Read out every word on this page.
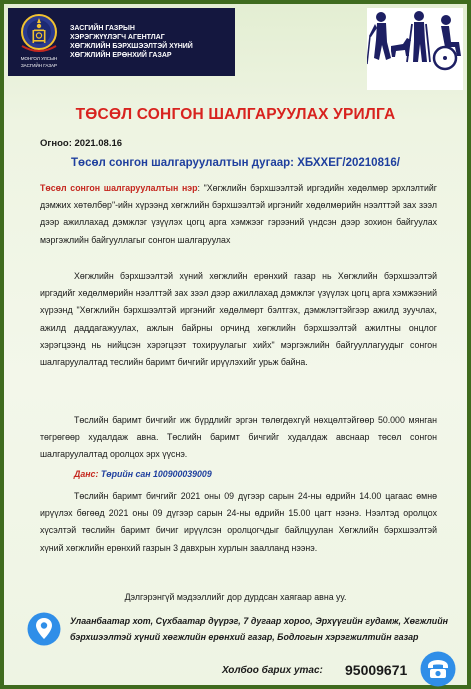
МОНГОЛ УЛСЫН
ЗАСГИЙН ГАЗАР
ЗАСГИЙН ГАЗРЫН
ХЭРЭГЖҮҮЛЭГЧ АГЕНТЛАГ
ХӨГЖЛИЙН БЭРХШЭЭЛТЭЙ ХҮНИЙ
ХӨГЖЛИЙН ЕРӨНХИЙ ГАЗАР
ТӨСӨЛ СОНГОН ШАЛГАРУУЛАХ УРИЛГА
Огноо: 2021.08.16
Төсөл сонгон шалгаруулалтын дугаар: ХБХХЕГ/20210816/
Төсөл сонгон шалгаруулалтын нэр: "Хөгжлийн бэрхшээлтэй иргэдийн хөдөлмөр эрхлэлтийг дэмжих хөтөлбөр"-ийн хүрээнд хөгжлийн бэрхшээлтэй иргэнийг хөдөлмөрийн нээлттэй зах зээл дээр ажиллахад дэмжлэг үзүүлэх цогц арга хэмжээг гэрээний үндсэн дээр зохион байгуулах мэргэжлийн байгууллагыг сонгон шалгаруулах
Хөгжлийн бэрхшээлтэй хүний хөгжлийн ерөнхий газар нь Хөгжлийн бэрхшээлтэй иргэдийг хөдөлмөрийн нээлттэй зах зээл дээр ажиллахад дэмжлэг үзүүлэх цогц арга хэмжээний хүрээнд "Хөгжлийн бэрхшээлтэй иргэнийг хөдөлмөрт бэлтгэх, дэмжлэгтэйгээр ажилд зуучлах, ажилд даддагажуулах, ажлын байрны орчинд хөгжлийн бэрхшээлтэй ажилтны онцлог хэрэгцээнд нь нийцсэн хэрэгцээт тохируулагыг хийх" мэргэжлийн байгууллагуудыг сонгон шалгаруулалтад тeслийн баримт бичгийг ирүүлэхийг урьж байна.
Төслийн баримт бичгийг иж бүрдлийг эргэн төлөгдөхгүй нөхцөлтэйгөөр 50.000 мянган төгрөгөөр худалдаж авна. Төслийн баримт бичгийг худалдаж авснаар төсөл сонгон шалгаруулалтад оролцох эрх үүснэ.
Данс: Төрийн сан 100900039009
Төслийн баримт бичгийг 2021 оны 09 дүгээр сарын 24-ны өдрийн 14.00 цагаас өмнө ирүүлэх бөгөөд 2021 оны 09 дүгээр сарын 24-ны өдрийн 15.00 цагт нээнэ. Нээлтэд оролцох хүсэлтэй төслийн баримт бичиг ирүүлсэн оролцогчдыг байлцуулан Хөгжлийн бэрхшээлтэй хүний хөгжлийн ерөнхий газрын 3 давхрын хурлын заалланд нээнэ.
Дэлгэрэнгүй мэдээллийг дор дурдсан хаягаар авна уу.
Улаанбаатар хот, Сүхбаатар дүүрэг, 7 дугаар хороо, Эрхүүгийн гудамж, Хөгжлийн бэрхшээлтэй хүний хөгжлийн ерөнхий газар, Бодлогын хэрэгжилтийн газар
Холбоо барих утас: 95009671
